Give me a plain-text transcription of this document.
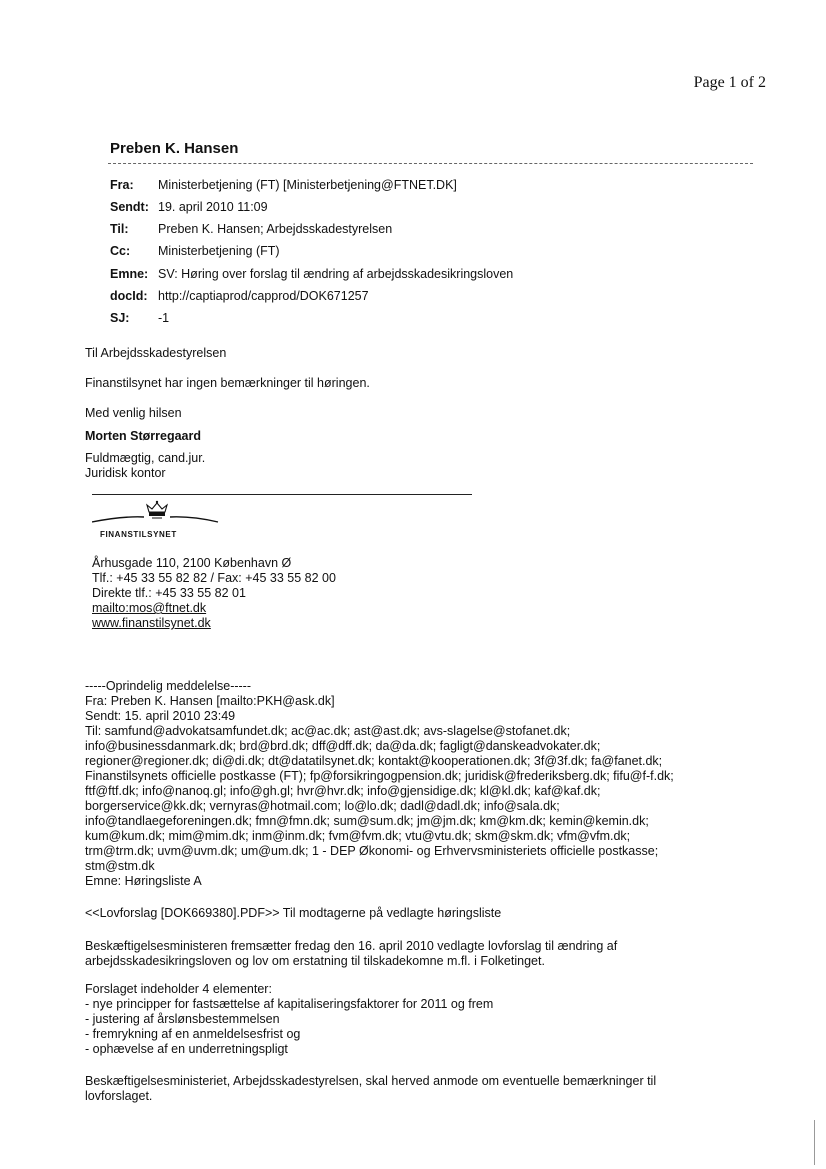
Page 1 of 2
Preben K. Hansen
Fra: Ministerbetjening (FT) [Ministerbetjening@FTNET.DK]
Sendt: 19. april 2010 11:09
Til: Preben K. Hansen; Arbejdsskadestyrelsen
Cc: Ministerbetjening (FT)
Emne: SV: Høring over forslag til ændring af arbejdsskadesikringsloven
docId: http://captiaprod/capprod/DOK671257
SJ: -1
Til Arbejdsskadestyrelsen
Finanstilsynet har ingen bemærkninger til høringen.
Med venlig hilsen
Morten Størregaard
Fuldmægtig, cand.jur.
Juridisk kontor
FINANSTILSYNET
Århusgade 110, 2100 København Ø
Tlf.: +45 33 55 82 82 / Fax: +45 33 55 82 00
Direkte tlf.: +45 33 55 82 01
mailto:mos@ftnet.dk
www.finanstilsynet.dk
-----Oprindelig meddelelse-----
Fra: Preben K. Hansen [mailto:PKH@ask.dk]
Sendt: 15. april 2010 23:49
Til: samfund@advokatsamfundet.dk; ac@ac.dk; ast@ast.dk; avs-slagelse@stofanet.dk;
info@businessdanmark.dk; brd@brd.dk; dff@dff.dk; da@da.dk; fagligt@danskeadvokater.dk;
regioner@regioner.dk; di@di.dk; dt@datatilsynet.dk; kontakt@kooperationen.dk; 3f@3f.dk; fa@fanet.dk;
Finanstilsynets officielle postkasse (FT); fp@forsikringogpension.dk; juridisk@frederiksberg.dk; fifu@f-f.dk;
ftf@ftf.dk; info@nanoq.gl; info@gh.gl; hvr@hvr.dk; info@gjensidige.dk; kl@kl.dk; kaf@kaf.dk;
borgerservice@kk.dk; vernyras@hotmail.com; lo@lo.dk; dadl@dadl.dk; info@sala.dk;
info@tandlaegeforeningen.dk; fmn@fmn.dk; sum@sum.dk; jm@jm.dk; km@km.dk; kemin@kemin.dk;
kum@kum.dk; mim@mim.dk; inm@inm.dk; fvm@fvm.dk; vtu@vtu.dk; skm@skm.dk; vfm@vfm.dk;
trm@trm.dk; uvm@uvm.dk; um@um.dk; 1 - DEP Økonomi- og Erhvervsministeriets officielle postkasse;
stm@stm.dk
Emne: Høringsliste A
<<Lovforslag [DOK669380].PDF>> Til modtagerne på vedlagte høringsliste
Beskæftigelsesministeren fremsætter fredag den 16. april 2010 vedlagte lovforslag til ændring af
arbejdsskadesikringsloven og lov om erstatning til tilskadekomne m.fl. i Folketinget.
Forslaget indeholder 4 elementer:
- nye principper for fastsættelse af kapitaliseringsfaktorer for 2011 og frem
- justering af årslønsbestemmelsen
- fremrykning af en anmeldelsesfrist og
- ophævelse af en underretningspligt
Beskæftigelsesministeriet, Arbejdsskadestyrelsen, skal herved anmode om eventuelle bemærkninger til
lovforslaget.
